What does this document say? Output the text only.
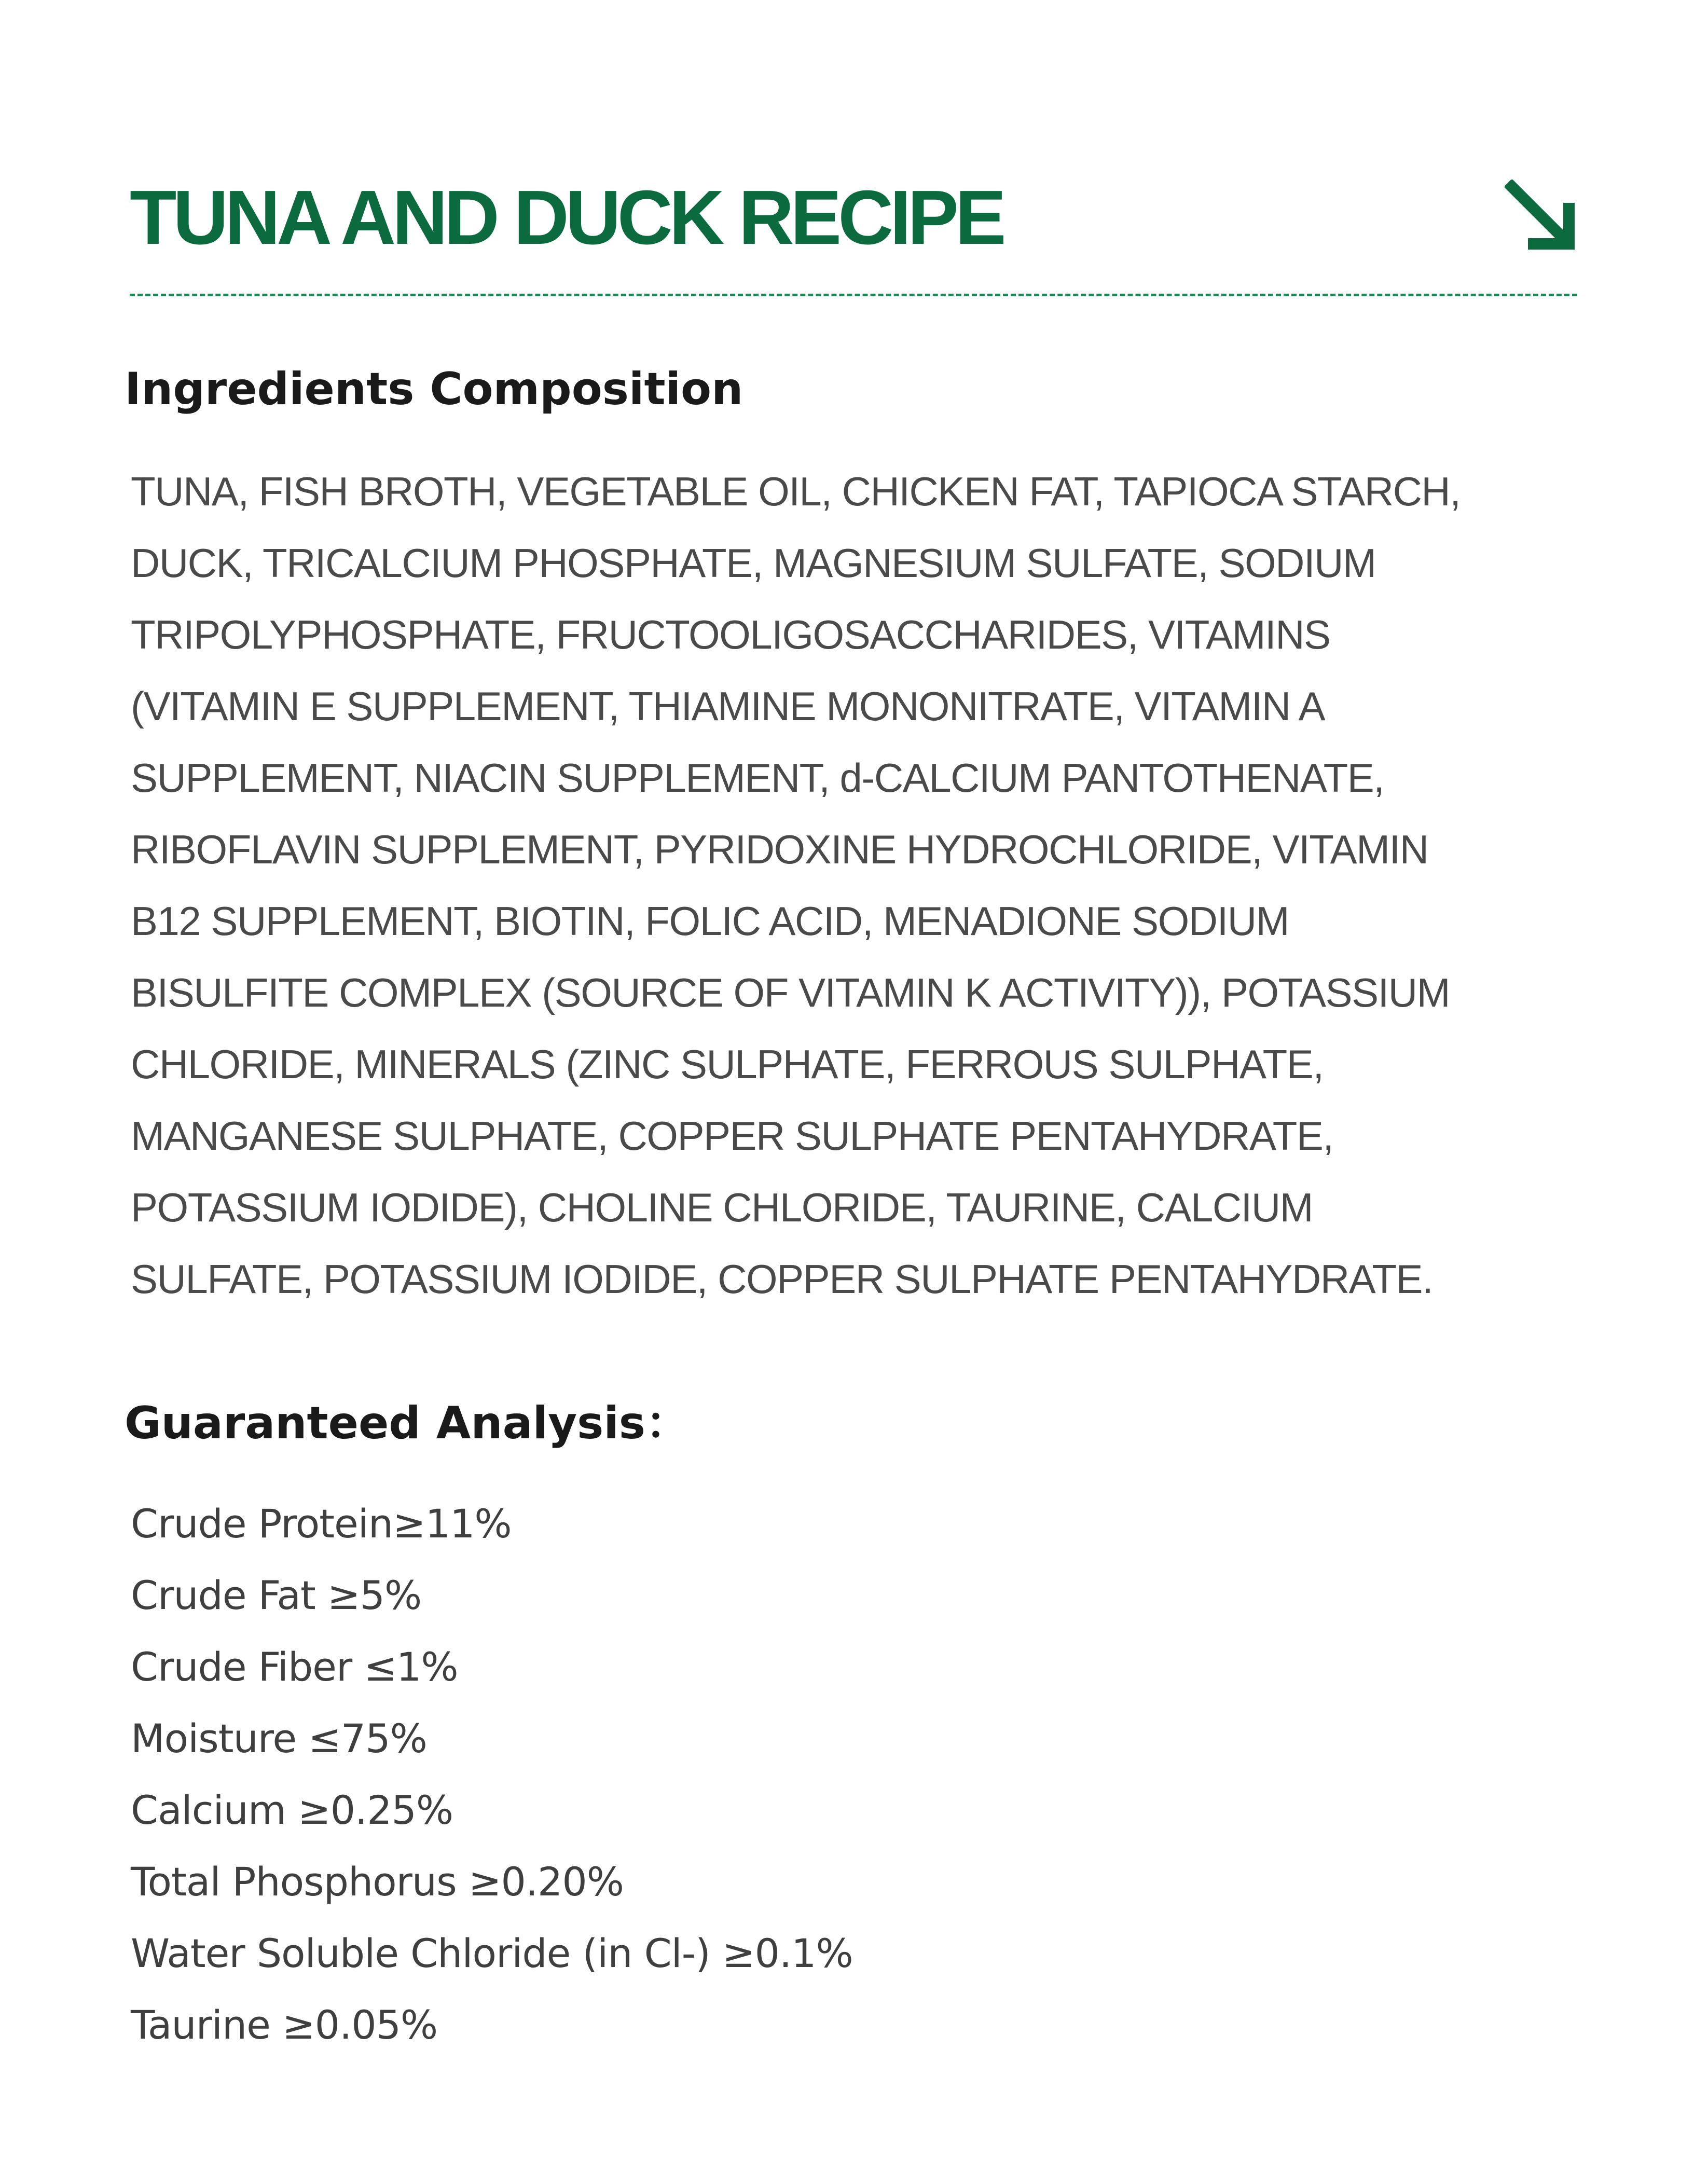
TUNA AND DUCK RECIPE
Ingredients Composition
TUNA, FISH BROTH, VEGETABLE OIL, CHICKEN FAT, TAPIOCA STARCH,
DUCK, TRICALCIUM PHOSPHATE, MAGNESIUM SULFATE, SODIUM
TRIPOLYPHOSPHATE, FRUCTOOLIGOSACCHARIDES, VITAMINS
(VITAMIN E SUPPLEMENT, THIAMINE MONONITRATE, VITAMIN A
SUPPLEMENT, NIACIN SUPPLEMENT, d-CALCIUM PANTOTHENATE,
RIBOFLAVIN SUPPLEMENT, PYRIDOXINE HYDROCHLORIDE, VITAMIN
B12 SUPPLEMENT, BIOTIN, FOLIC ACID, MENADIONE SODIUM
BISULFITE COMPLEX (SOURCE OF VITAMIN K ACTIVITY)), POTASSIUM
CHLORIDE, MINERALS (ZINC SULPHATE, FERROUS SULPHATE,
MANGANESE SULPHATE, COPPER SULPHATE PENTAHYDRATE,
POTASSIUM IODIDE), CHOLINE CHLORIDE, TAURINE, CALCIUM
SULFATE, POTASSIUM IODIDE, COPPER SULPHATE PENTAHYDRATE.
Guaranteed Analysis：
Crude Protein≥11%
Crude Fat ≥5%
Crude Fiber ≤1%
Moisture ≤75%
Calcium ≥0.25%
Total Phosphorus ≥0.20%
Water Soluble Chloride (in Cl-) ≥0.1%
Taurine ≥0.05%
